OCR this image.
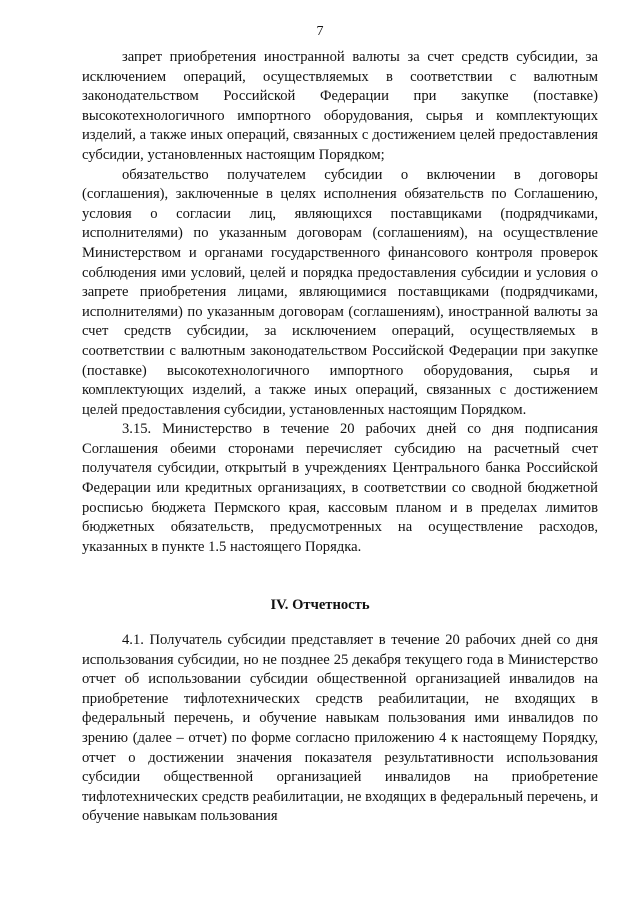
7

запрет приобретения иностранной валюты за счет средств субсидии, за исключением операций, осуществляемых в соответствии с валютным законодательством Российской Федерации при закупке (поставке) высокотехнологичного импортного оборудования, сырья и комплектующих изделий, а также иных операций, связанных с достижением целей предоставления субсидии, установленных настоящим Порядком;

обязательство получателем субсидии о включении в договоры (соглашения), заключенные в целях исполнения обязательств по Соглашению, условия о согласии лиц, являющихся поставщиками (подрядчиками, исполнителями) по указанным договорам (соглашениям), на осуществление Министерством и органами государственного финансового контроля проверок соблюдения ими условий, целей и порядка предоставления субсидии и условия о запрете приобретения лицами, являющимися поставщиками (подрядчиками, исполнителями) по указанным договорам (соглашениям), иностранной валюты за счет средств субсидии, за исключением операций, осуществляемых в соответствии с валютным законодательством Российской Федерации при закупке (поставке) высокотехнологичного импортного оборудования, сырья и комплектующих изделий, а также иных операций, связанных с достижением целей предоставления субсидии, установленных настоящим Порядком.

3.15. Министерство в течение 20 рабочих дней со дня подписания Соглашения обеими сторонами перечисляет субсидию на расчетный счет получателя субсидии, открытый в учреждениях Центрального банка Российской Федерации или кредитных организациях, в соответствии со сводной бюджетной росписью бюджета Пермского края, кассовым планом и в пределах лимитов бюджетных обязательств, предусмотренных на осуществление расходов, указанных в пункте 1.5 настоящего Порядка.

IV. Отчетность

4.1. Получатель субсидии представляет в течение 20 рабочих дней со дня использования субсидии, но не позднее 25 декабря текущего года в Министерство отчет об использовании субсидии общественной организацией инвалидов на приобретение тифлотехнических средств реабилитации, не входящих в федеральный перечень, и обучение навыкам пользования ими инвалидов по зрению (далее – отчет) по форме согласно приложению 4 к настоящему Порядку, отчет о достижении значения показателя результативности использования субсидии общественной организацией инвалидов на приобретение тифлотехнических средств реабилитации, не входящих в федеральный перечень, и обучение навыкам пользования
